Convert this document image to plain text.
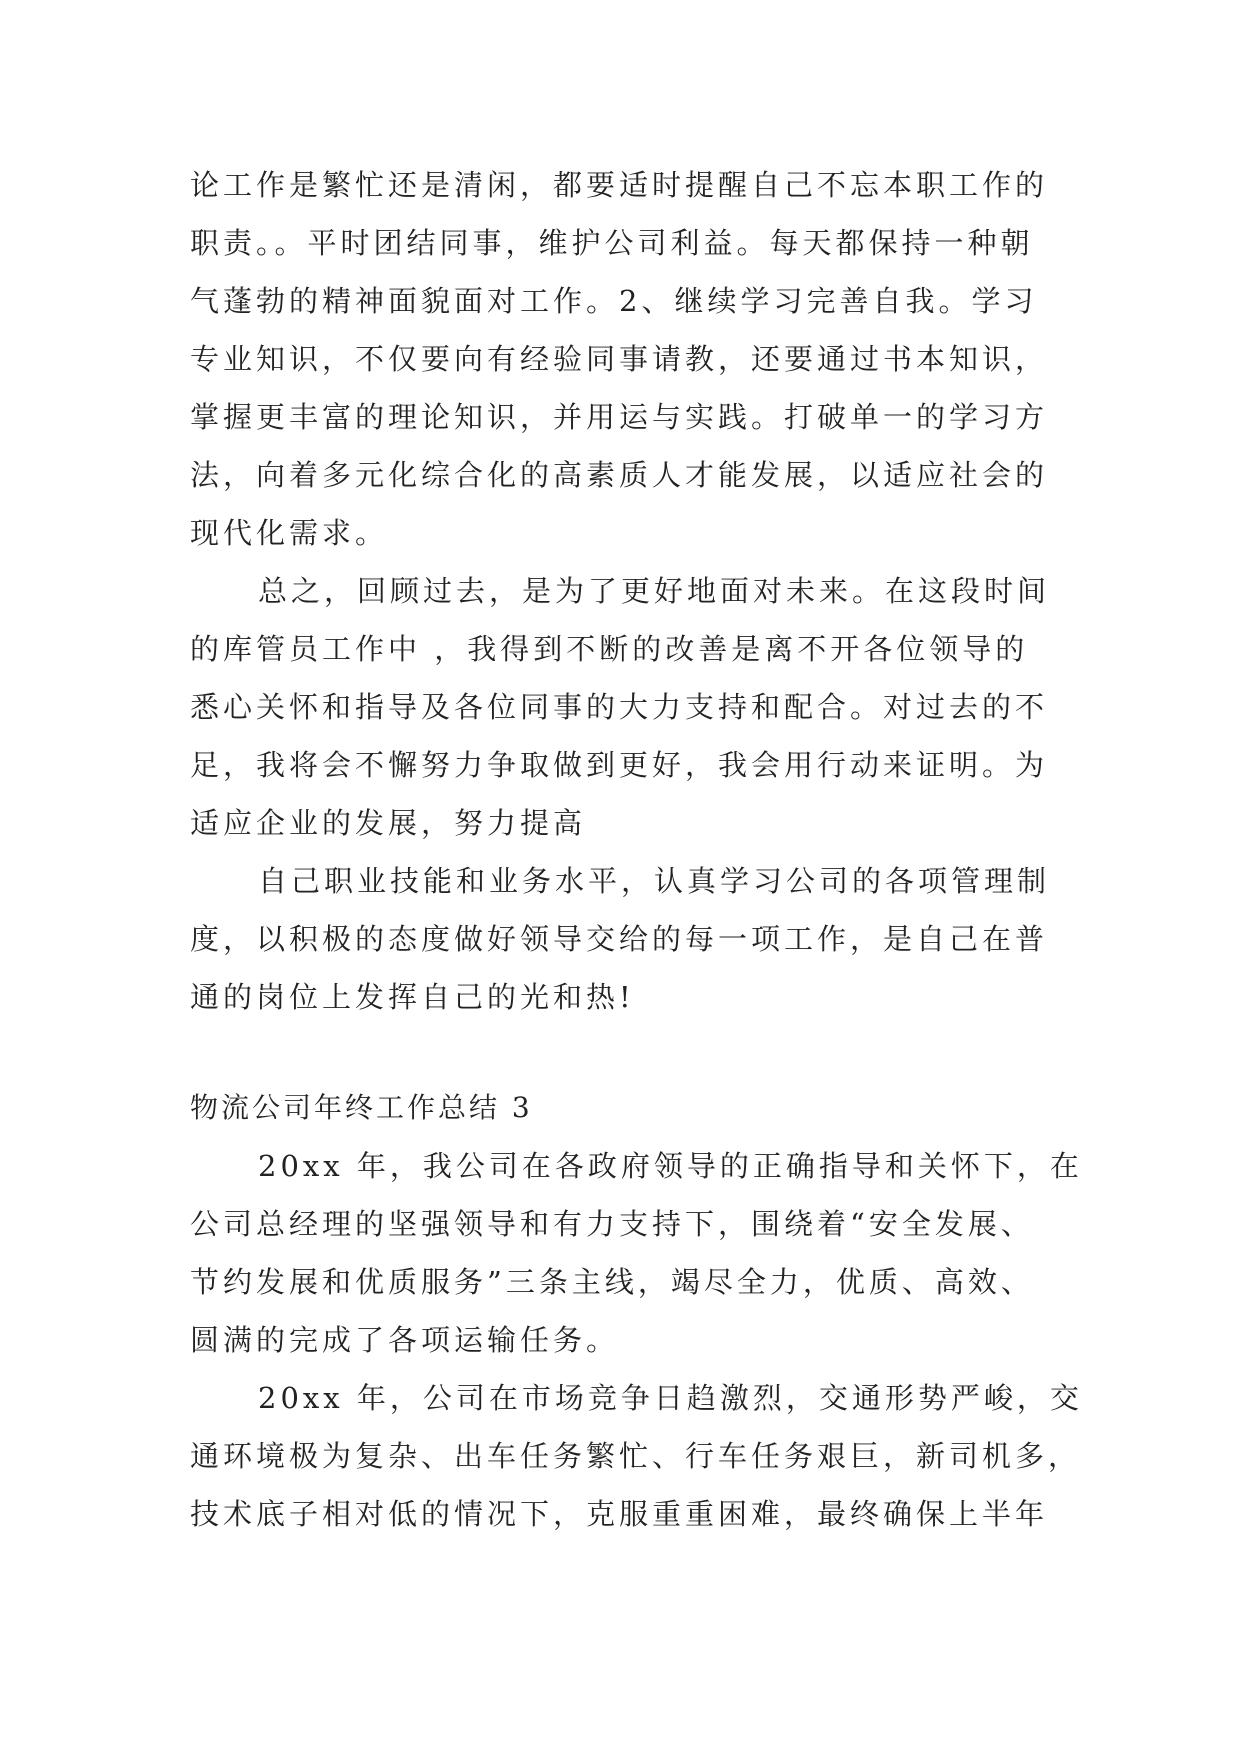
论工作是繁忙还是清闲，都要适时提醒自己不忘本职工作的
职责。。平时团结同事，维护公司利益。每天都保持一种朝
气蓬勃的精神面貌面对工作。2、继续学习完善自我。学习
专业知识，不仅要向有经验同事请教，还要通过书本知识，
掌握更丰富的理论知识，并用运与实践。打破单一的学习方
法，向着多元化综合化的高素质人才能发展，以适应社会的
现代化需求。
总之，回顾过去，是为了更好地面对未来。在这段时间
的库管员工作中 ，我得到不断的改善是离不开各位领导的
悉心关怀和指导及各位同事的大力支持和配合。对过去的不
足，我将会不懈努力争取做到更好，我会用行动来证明。为
适应企业的发展，努力提高
自己职业技能和业务水平，认真学习公司的各项管理制
度，以积极的态度做好领导交给的每一项工作，是自己在普
通的岗位上发挥自己的光和热!
物流公司年终工作总结 3
20xx 年，我公司在各政府领导的正确指导和关怀下，在
公司总经理的坚强领导和有力支持下，围绕着“安全发展、
节约发展和优质服务”三条主线，竭尽全力，优质、高效、
圆满的完成了各项运输任务。
20xx 年，公司在市场竞争日趋激烈，交通形势严峻，交
通环境极为复杂、出车任务繁忙、行车任务艰巨，新司机多，
技术底子相对低的情况下，克服重重困难，最终确保上半年
